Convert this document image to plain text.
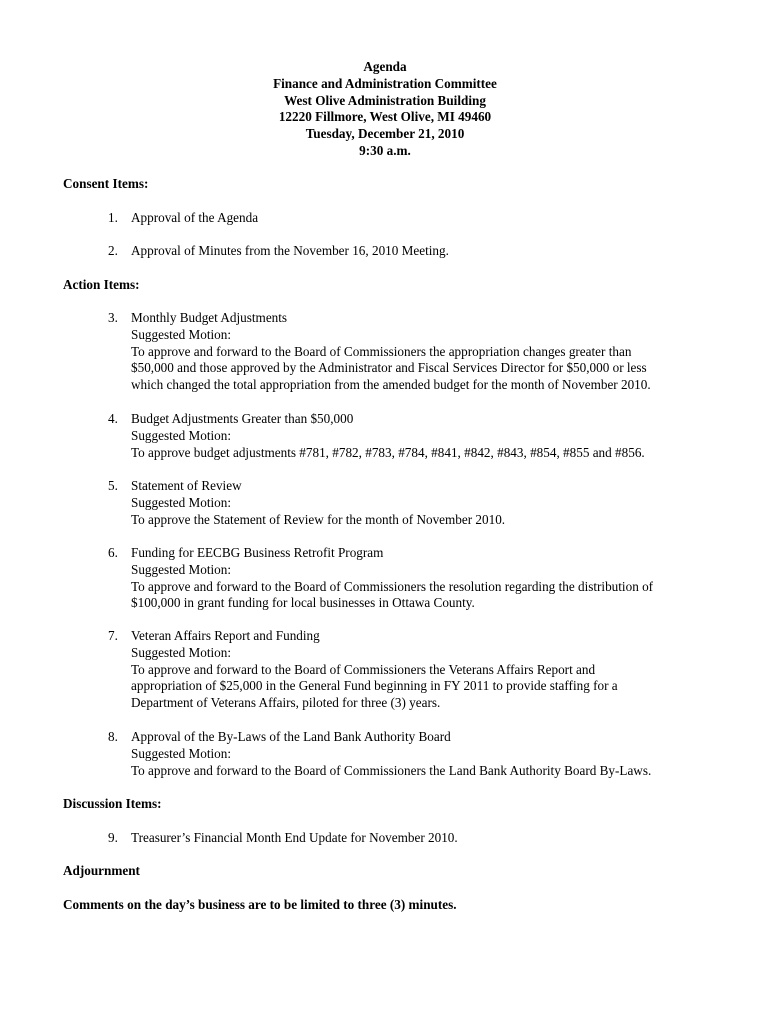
Agenda
Finance and Administration Committee
West Olive Administration Building
12220 Fillmore, West Olive, MI 49460
Tuesday, December 21, 2010
9:30 a.m.
Consent Items:
1. Approval of the Agenda
2. Approval of Minutes from the November 16, 2010 Meeting.
Action Items:
3. Monthly Budget Adjustments
Suggested Motion:
To approve and forward to the Board of Commissioners the appropriation changes greater than
$50,000 and those approved by the Administrator and Fiscal Services Director for $50,000 or less
which changed the total appropriation from the amended budget for the month of November 2010.
4. Budget Adjustments Greater than $50,000
Suggested Motion:
To approve budget adjustments #781, #782, #783, #784, #841, #842, #843, #854, #855 and #856.
5. Statement of Review
Suggested Motion:
To approve the Statement of Review for the month of November 2010.
6. Funding for EECBG Business Retrofit Program
Suggested Motion:
To approve and forward to the Board of Commissioners the resolution regarding the distribution of
$100,000 in grant funding for local businesses in Ottawa County.
7. Veteran Affairs Report and Funding
Suggested Motion:
To approve and forward to the Board of Commissioners the Veterans Affairs Report and
appropriation of $25,000 in the General Fund beginning in FY 2011 to provide staffing for a
Department of Veterans Affairs, piloted for three (3) years.
8. Approval of the By-Laws of the Land Bank Authority Board
Suggested Motion:
To approve and forward to the Board of Commissioners the Land Bank Authority Board By-Laws.
Discussion Items:
9. Treasurer’s Financial Month End Update for November 2010.
Adjournment
Comments on the day’s business are to be limited to three (3) minutes.
